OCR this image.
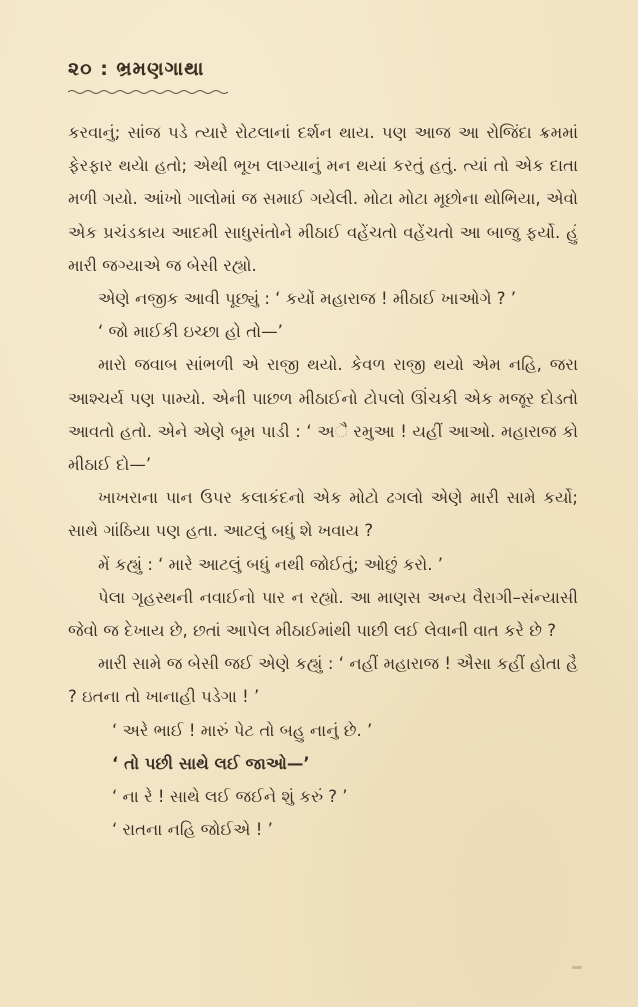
૨૦ : ભ્રમણગાથા

કરવાનું; સાંજ પડે ત્યારે રોટલાનાં દર્શન થાય. પણ આજ આ રોજિંદા ક્રમમાં ફેરફાર થયેા હતો; એથી ભૂખ લાગ્યાનું મન થયાં કરતું હતું. ત્યાં તો એક દાતા મળી ગયો. આંખો ગાલોમાં જ સમાઈ ગયેલી. મોટા મોટા મૂછોના થોભિયા, એવો એક પ્રચંડકાય આદમી સાધુસંતોને મીઠાઈ વહેંચતો વહેંચતો આ બાજુ ફર્યો. હું મારી જગ્યાએ જ બેસી રહ્યો.

એણે નજીક આવી પૂછ્યું : ‘ કયોં મહારાજ ! મીઠાઈ ખાઓગે ? ’

‘ જો માઈકી ઇચ્છા હો તો—’

મારો જવાબ સાંભળી એ રાજી થયો. કેવળ રાજી થયો એમ નહિ, જરા આશ્ચર્ય પણ પામ્યો. એની પાછળ મીઠાઈનો ટોપલો ઊંચકી એક મજૂર દોડતો આવતો હતો. એને એણે બૂમ પાડી : ‘ અૈ રમુઆ ! યહીં આઓ. મહારાજ કો મીઠાઈ દો—’

ખાખરાના પાન ઉપર કલાકંદનો એક મોટો ઢગલો એણે મારી સામે કર્યો; સાથે ગાંઠિયા પણ હતા. આટલું બધું શે ખવાય ?

મેં કહ્યું : ‘ મારે આટલું બધું નથી જોઈતું; ઓછું કરો. ’

પેલા ગૃહસ્થની નવાઈનો પાર ન રહ્યો. આ માણસ અન્ય વૈરાગી–સંન્યાસી જેવો જ દેખાય છે, છતાં આપેલ મીઠાઈમાંથી પાછી લઈ લેવાની વાત કરે છે ?

મારી સામે જ બેસી જઈ એણે કહ્યું : ‘ નહીં મહારાજ ! ઐસા કહીં હોતા હૈ ? ઇતના તો ખાનાહી પડેગા ! ’

‘ અરે ભાઈ ! મારું પેટ તો બહુ નાનું છે. ’

‘ તો પછી સાથે લઈ જાઓ—’

‘ ના રે ! સાથે લઈ જઈને શું કરું ? ’

‘ રાતના નહિ જોઈએ ! ’
